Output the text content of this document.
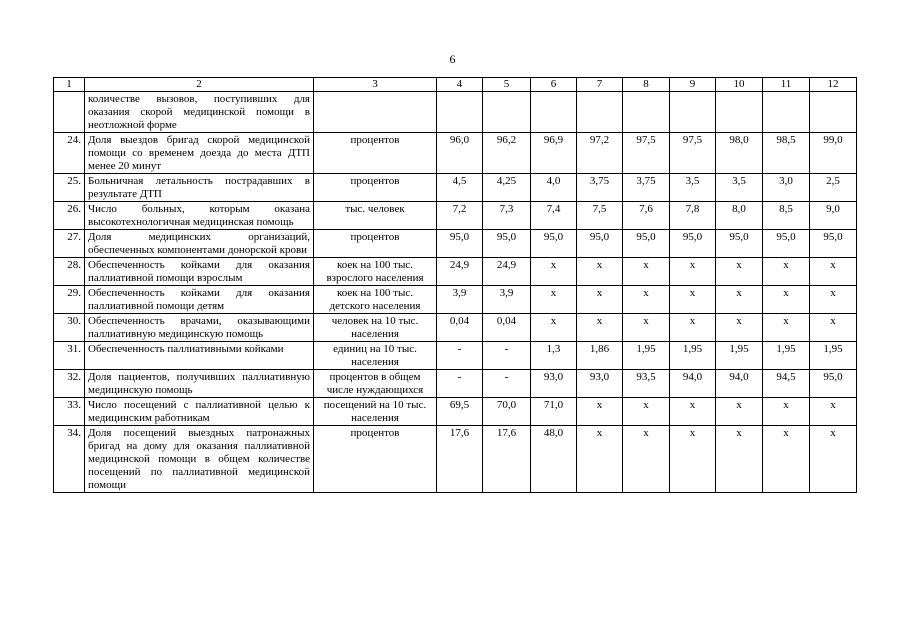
6
1	2	3	4	5	6	7	8	9	10	11	12
	количестве вызовов, поступивших для оказания скорой медицинской помощи в неотложной форме										
24.	Доля выездов бригад скорой медицинской помощи со временем доезда до места ДТП менее 20 минут	процентов	96,0	96,2	96,9	97,2	97,5	97,5	98,0	98,5	99,0
25.	Больничная летальность пострадавших в результате ДТП	процентов	4,5	4,25	4,0	3,75	3,75	3,5	3,5	3,0	2,5
26.	Число больных, которым оказана высокотехнологичная медицинская помощь	тыс. человек	7,2	7,3	7,4	7,5	7,6	7,8	8,0	8,5	9,0
27.	Доля медицинских организаций, обеспеченных компонентами донорской крови	процентов	95,0	95,0	95,0	95,0	95,0	95,0	95,0	95,0	95,0
28.	Обеспеченность койками для оказания паллиативной помощи взрослым	коек на 100 тыс. взрослого населения	24,9	24,9	х	х	х	х	х	х	х
29.	Обеспеченность койками для оказания паллиативной помощи детям	коек на 100 тыс. детского населения	3,9	3,9	х	х	х	х	х	х	х
30.	Обеспеченность врачами, оказывающими паллиативную медицинскую помощь	человек на 10 тыс. населения	0,04	0,04	х	х	х	х	х	х	х
31.	Обеспеченность паллиативными койками	единиц на 10 тыс. населения	-	-	1,3	1,86	1,95	1,95	1,95	1,95	1,95
32.	Доля пациентов, получивших паллиативную медицинскую помощь	процентов в общем числе нуждающихся	-	-	93,0	93,0	93,5	94,0	94,0	94,5	95,0
33.	Число посещений с паллиативной целью к медицинским работникам	посещений на 10 тыс. населения	69,5	70,0	71,0	х	х	х	х	х	х
34.	Доля посещений выездных патронажных бригад на дому для оказания паллиативной медицинской помощи в общем количестве посещений по паллиативной медицинской помощи	процентов	17,6	17,6	48,0	х	х	х	х	х	х
